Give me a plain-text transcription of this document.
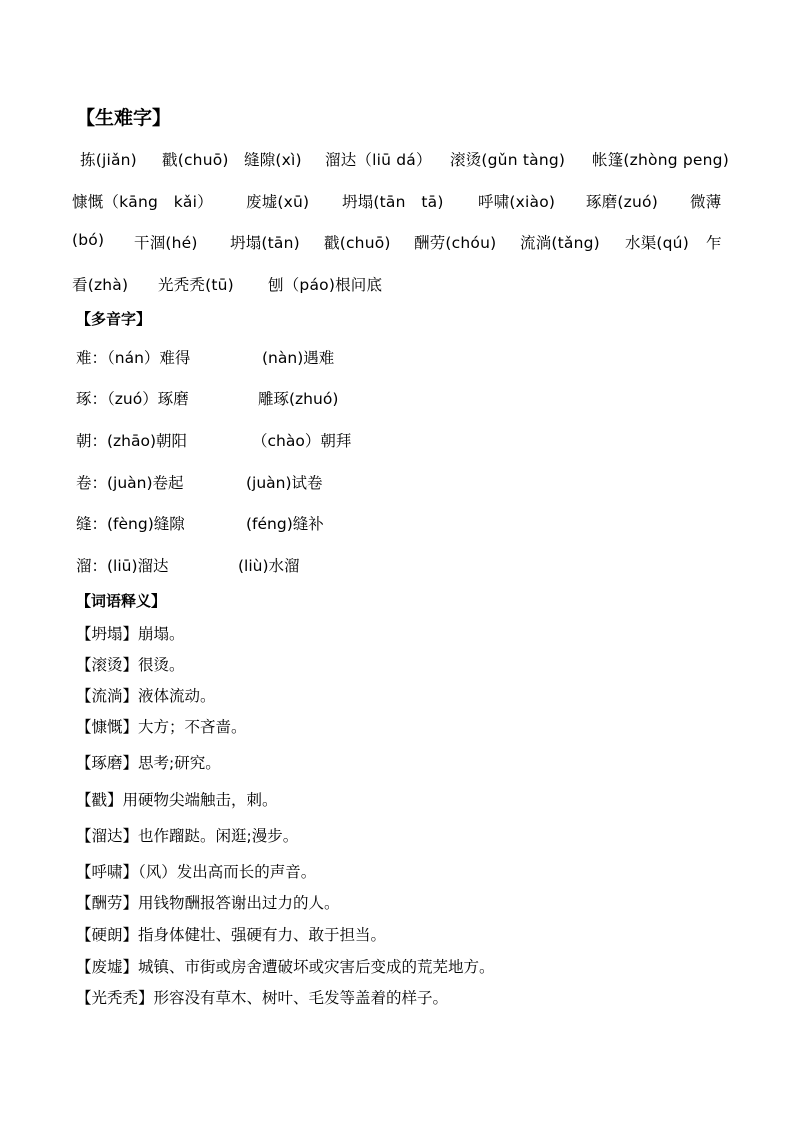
【生难字】
拣(jiǎn) 戳(chuō) 缝隙(xì) 溜达（liū dá） 滚烫(gǔn tàng) 帐篷(zhòng peng)
慷慨（kāng　kǎi） 废墟(xū) 坍塌(tān　tā) 呼啸(xiào) 琢磨(zuó) 微薄
(bó) 干涸(hé) 坍塌(tān) 戳(chuō) 酬劳(chóu) 流淌(tǎng) 水渠(qú) 乍
看(zhà) 光秃秃(tū) 刨（páo)根问底
【多音字】
难：（nán）难得	(nàn)遇难
琢：（zuó）琢磨	雕琢(zhuó)
朝：(zhāo)朝阳	（chào）朝拜
卷：(juàn)卷起	(juàn)试卷
缝：(fèng)缝隙	(féng)缝补
溜：(liū)溜达	(liù)水溜
【词语释义】
【坍塌】崩塌。
【滚烫】很烫。
【流淌】液体流动。
【慷慨】大方；不吝啬。
【琢磨】思考;研究。
【戳】用硬物尖端触击，刺。
【溜达】也作蹓跶。闲逛;漫步。
【呼啸】（风）发出高而长的声音。
【酬劳】用钱物酬报答谢出过力的人。
【硬朗】指身体健壮、强硬有力、敢于担当。
【废墟】城镇、市街或房舍遭破坏或灾害后变成的荒芜地方。
【光秃秃】形容没有草木、树叶、毛发等盖着的样子。
